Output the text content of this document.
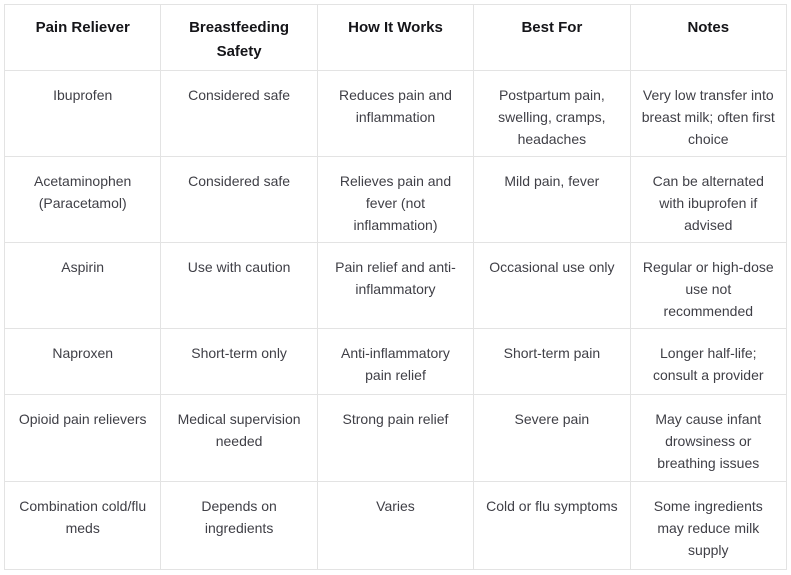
Pain Reliever	Breastfeeding Safety	How It Works	Best For	Notes
Ibuprofen	Considered safe	Reduces pain and inflammation	Postpartum pain, swelling, cramps, headaches	Very low transfer into breast milk; often first choice
Acetaminophen (Paracetamol)	Considered safe	Relieves pain and fever (not inflammation)	Mild pain, fever	Can be alternated with ibuprofen if advised
Aspirin	Use with caution	Pain relief and anti-inflammatory	Occasional use only	Regular or high-dose use not recommended
Naproxen	Short-term only	Anti-inflammatory pain relief	Short-term pain	Longer half-life; consult a provider
Opioid pain relievers	Medical supervision needed	Strong pain relief	Severe pain	May cause infant drowsiness or breathing issues
Combination cold/flu meds	Depends on ingredients	Varies	Cold or flu symptoms	Some ingredients may reduce milk supply
